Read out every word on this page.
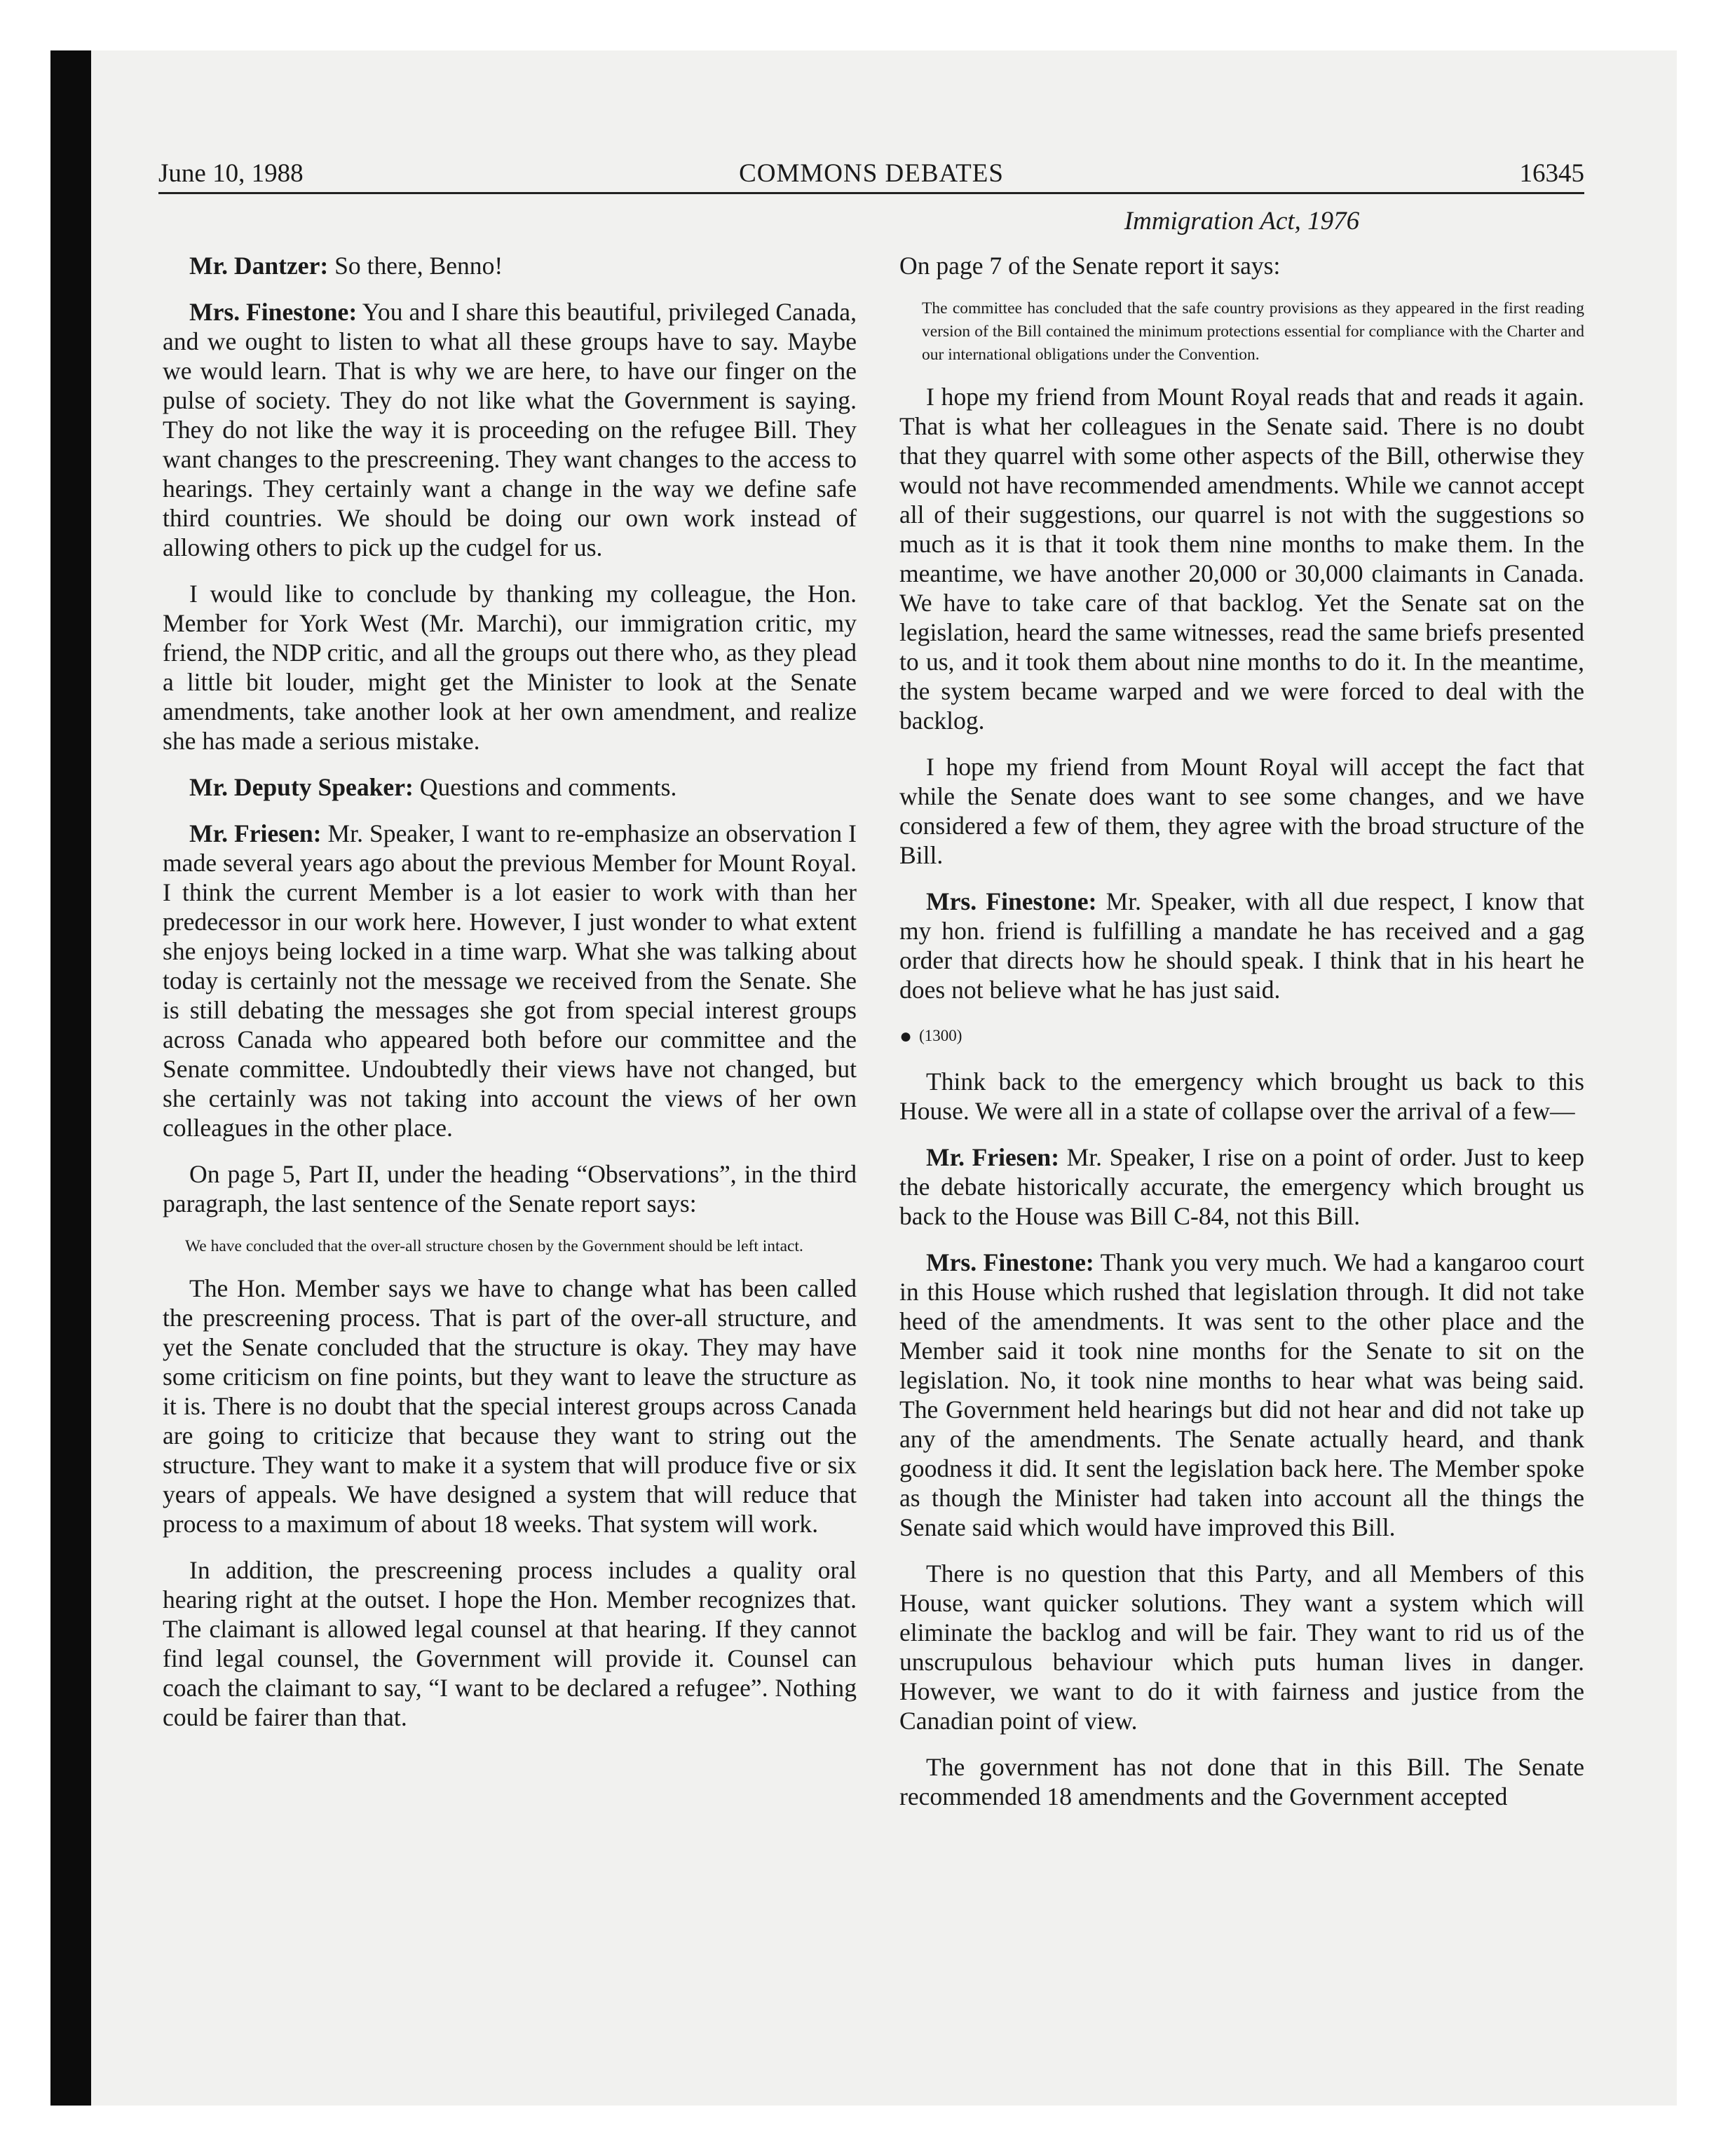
June 10, 1988	COMMONS DEBATES	16345
Immigration Act, 1976

Mr. Dantzer: So there, Benno!

Mrs. Finestone: You and I share this beautiful, privileged Canada, and we ought to listen to what all these groups have to say. Maybe we would learn. That is why we are here, to have our finger on the pulse of society. They do not like what the Government is saying. They do not like the way it is proceeding on the refugee Bill. They want changes to the prescreening. They want changes to the access to hearings. They certainly want a change in the way we define safe third countries. We should be doing our own work instead of allowing others to pick up the cudgel for us.

I would like to conclude by thanking my colleague, the Hon. Member for York West (Mr. Marchi), our immigration critic, my friend, the NDP critic, and all the groups out there who, as they plead a little bit louder, might get the Minister to look at the Senate amendments, take another look at her own amendment, and realize she has made a serious mistake.

Mr. Deputy Speaker: Questions and comments.

Mr. Friesen: Mr. Speaker, I want to re-emphasize an observation I made several years ago about the previous Member for Mount Royal. I think the current Member is a lot easier to work with than her predecessor in our work here. However, I just wonder to what extent she enjoys being locked in a time warp. What she was talking about today is certainly not the message we received from the Senate. She is still debating the messages she got from special interest groups across Canada who appeared both before our committee and the Senate committee. Undoubtedly their views have not changed, but she certainly was not taking into account the views of her own colleagues in the other place.

On page 5, Part II, under the heading “Observations”, in the third paragraph, the last sentence of the Senate report says:

We have concluded that the over-all structure chosen by the Government should be left intact.

The Hon. Member says we have to change what has been called the prescreening process. That is part of the over-all structure, and yet the Senate concluded that the structure is okay. They may have some criticism on fine points, but they want to leave the structure as it is. There is no doubt that the special interest groups across Canada are going to criticize that because they want to string out the structure. They want to make it a system that will produce five or six years of appeals. We have designed a system that will reduce that process to a maximum of about 18 weeks. That system will work.

In addition, the prescreening process includes a quality oral hearing right at the outset. I hope the Hon. Member recognizes that. The claimant is allowed legal counsel at that hearing. If they cannot find legal counsel, the Government will provide it. Counsel can coach the claimant to say, “I want to be declared a refugee”. Nothing could be fairer than that.

On page 7 of the Senate report it says:

The committee has concluded that the safe country provisions as they appeared in the first reading version of the Bill contained the minimum protections essential for compliance with the Charter and our international obligations under the Convention.

I hope my friend from Mount Royal reads that and reads it again. That is what her colleagues in the Senate said. There is no doubt that they quarrel with some other aspects of the Bill, otherwise they would not have recommended amendments. While we cannot accept all of their suggestions, our quarrel is not with the suggestions so much as it is that it took them nine months to make them. In the meantime, we have another 20,000 or 30,000 claimants in Canada. We have to take care of that backlog. Yet the Senate sat on the legislation, heard the same witnesses, read the same briefs presented to us, and it took them about nine months to do it. In the meantime, the system became warped and we were forced to deal with the backlog.

I hope my friend from Mount Royal will accept the fact that while the Senate does want to see some changes, and we have considered a few of them, they agree with the broad structure of the Bill.

Mrs. Finestone: Mr. Speaker, with all due respect, I know that my hon. friend is fulfilling a mandate he has received and a gag order that directs how he should speak. I think that in his heart he does not believe what he has just said.

● (1300)

Think back to the emergency which brought us back to this House. We were all in a state of collapse over the arrival of a few—

Mr. Friesen: Mr. Speaker, I rise on a point of order. Just to keep the debate historically accurate, the emergency which brought us back to the House was Bill C-84, not this Bill.

Mrs. Finestone: Thank you very much. We had a kangaroo court in this House which rushed that legislation through. It did not take heed of the amendments. It was sent to the other place and the Member said it took nine months for the Senate to sit on the legislation. No, it took nine months to hear what was being said. The Government held hearings but did not hear and did not take up any of the amendments. The Senate actually heard, and thank goodness it did. It sent the legislation back here. The Member spoke as though the Minister had taken into account all the things the Senate said which would have improved this Bill.

There is no question that this Party, and all Members of this House, want quicker solutions. They want a system which will eliminate the backlog and will be fair. They want to rid us of the unscrupulous behaviour which puts human lives in danger. However, we want to do it with fairness and justice from the Canadian point of view.

The government has not done that in this Bill. The Senate recommended 18 amendments and the Government accepted
